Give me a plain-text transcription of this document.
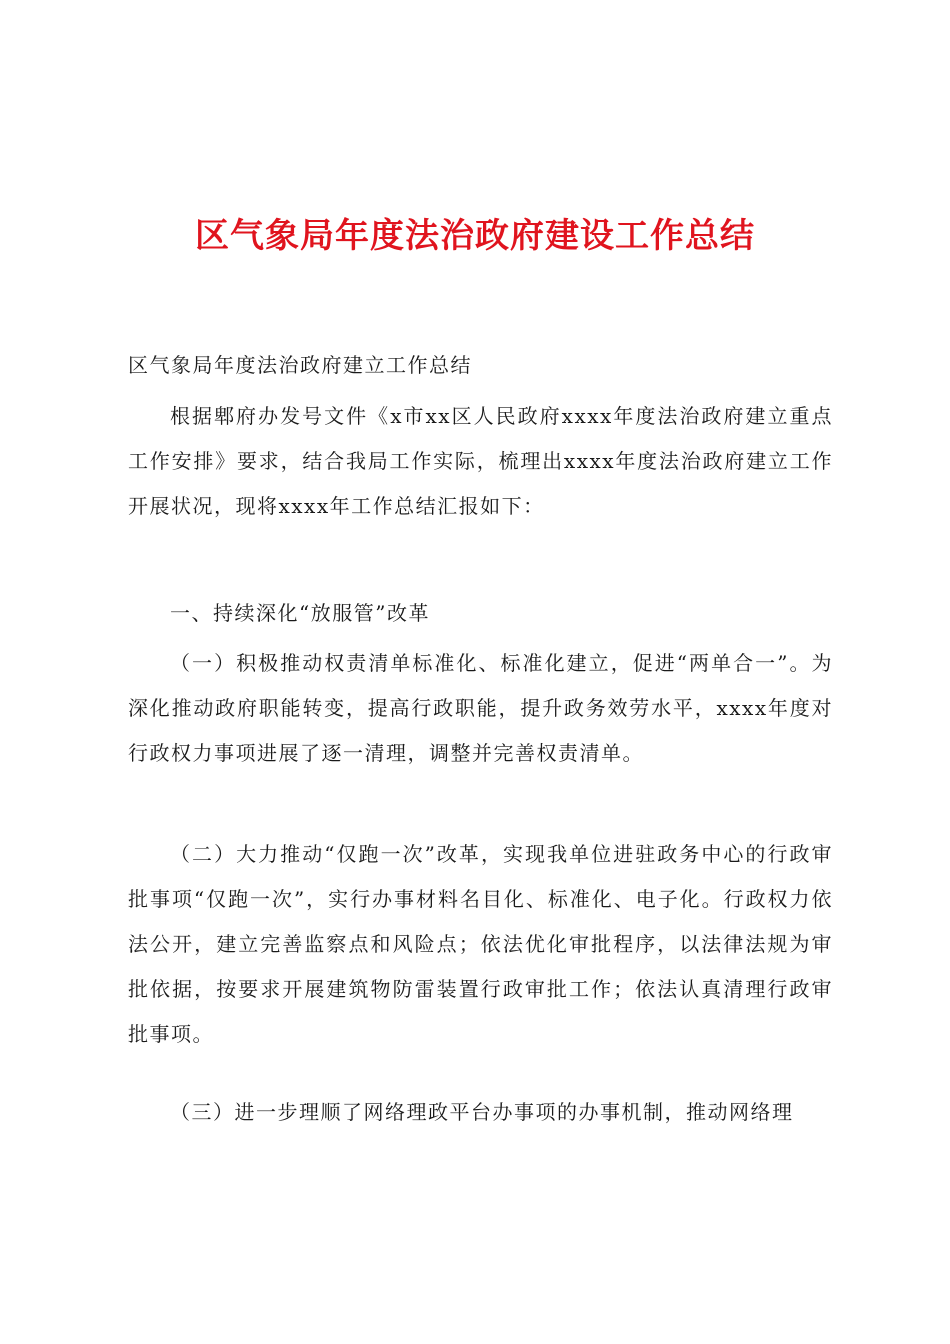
区气象局年度法治政府建设工作总结

区气象局年度法治政府建立工作总结

根据郫府办发号文件《x市xx区人民政府xxxx年度法治政府建立重点工作安排》要求，结合我局工作实际，梳理出xxxx年度法治政府建立工作开展状况，现将xxxx年工作总结汇报如下：

一、持续深化“放服管”改革

（一）积极推动权责清单标准化、标准化建立，促进“两单合一”。为深化推动政府职能转变，提高行政职能，提升政务效劳水平，xxxx年度对行政权力事项进展了逐一清理，调整并完善权责清单。

（二）大力推动“仅跑一次”改革，实现我单位进驻政务中心的行政审批事项“仅跑一次”，实行办事材料名目化、标准化、电子化。行政权力依法公开，建立完善监察点和风险点；依法优化审批程序，以法律法规为审批依据，按要求开展建筑物防雷装置行政审批工作；依法认真清理行政审批事项。

（三）进一步理顺了网络理政平台办事项的办事机制，推动网络理
